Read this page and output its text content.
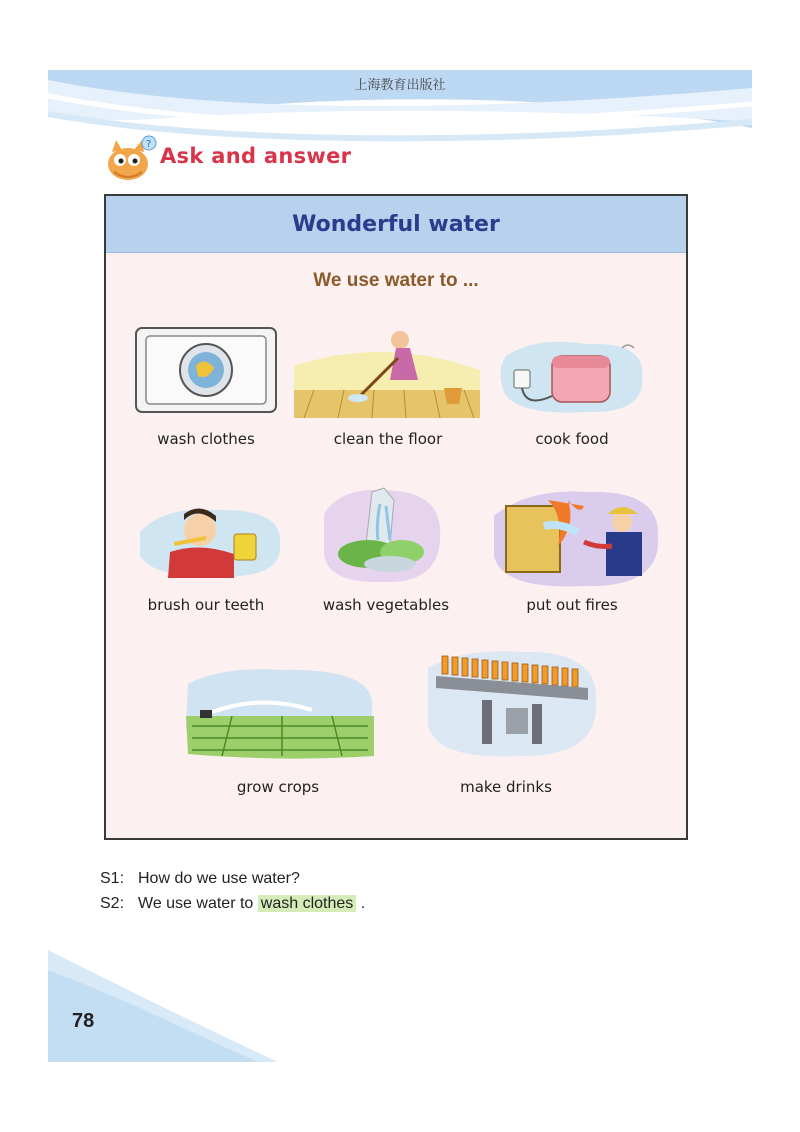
上海教育出版社
? Ask and answer
Wonderful water
We use water to ...
wash clothes	clean the floor	cook food
brush our teeth	wash vegetables	put out fires
grow crops	make drinks
S1: How do we use water?
S2: We use water to wash clothes .
78
